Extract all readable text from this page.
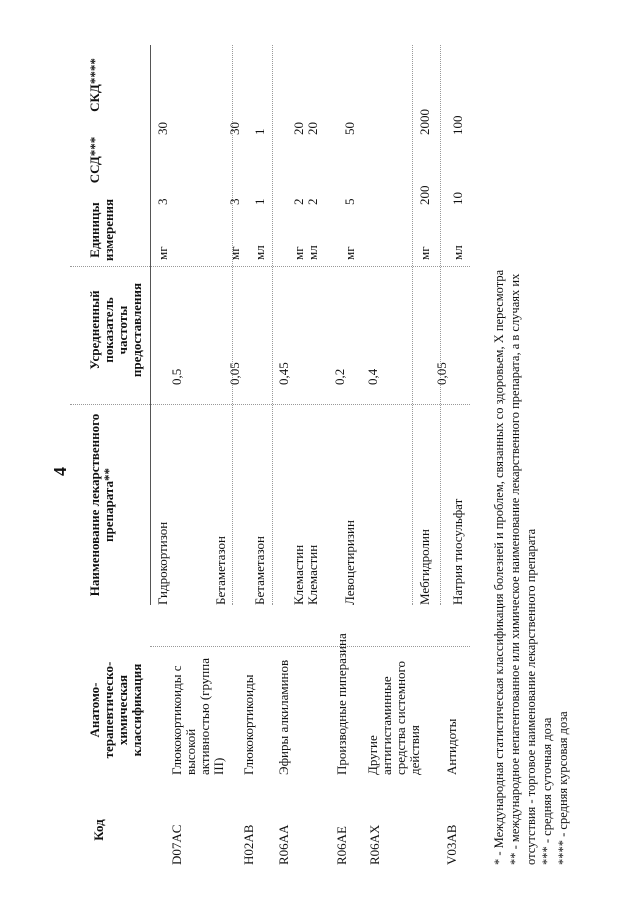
4
Код
Анатомо-терапевтическо-химическая классификация
Наименование лекарственного препарата**
Усредненный показатель частоты предоставления
Единицы измерения
ССД***
СКД****
D07AC
Глюкокортикоиды с высокой активностью (группа III)
Гидрокортизон
0,5
мг
3
30
H02AB
Глюкокортикоиды
Бетаметазон
0,05
мг
3
30
Бетаметазон
мл
1
1
R06AA
Эфиры алкиламинов
Клемастин
0,45
мг
2
20
Клемастин
мл
2
20
R06AE
Производные пиперазина
Левоцетиризин
0,2
мг
5
50
R06AX
Другие антигистаминные средства системного действия
0,4
Мебгидролин
мг
200
2000
V03AB
Антидоты
Натрия тиосульфат
0,05
мл
10
100
* - Международная статистическая классификация болезней и проблем, связанных со здоровьем, X пересмотра ** - международное непатентованное или химическое наименование лекарственного препарата, а в случаях их отсутствия - торговое наименование лекарственного препарата *** - средняя суточная доза **** - средняя курсовая доза
